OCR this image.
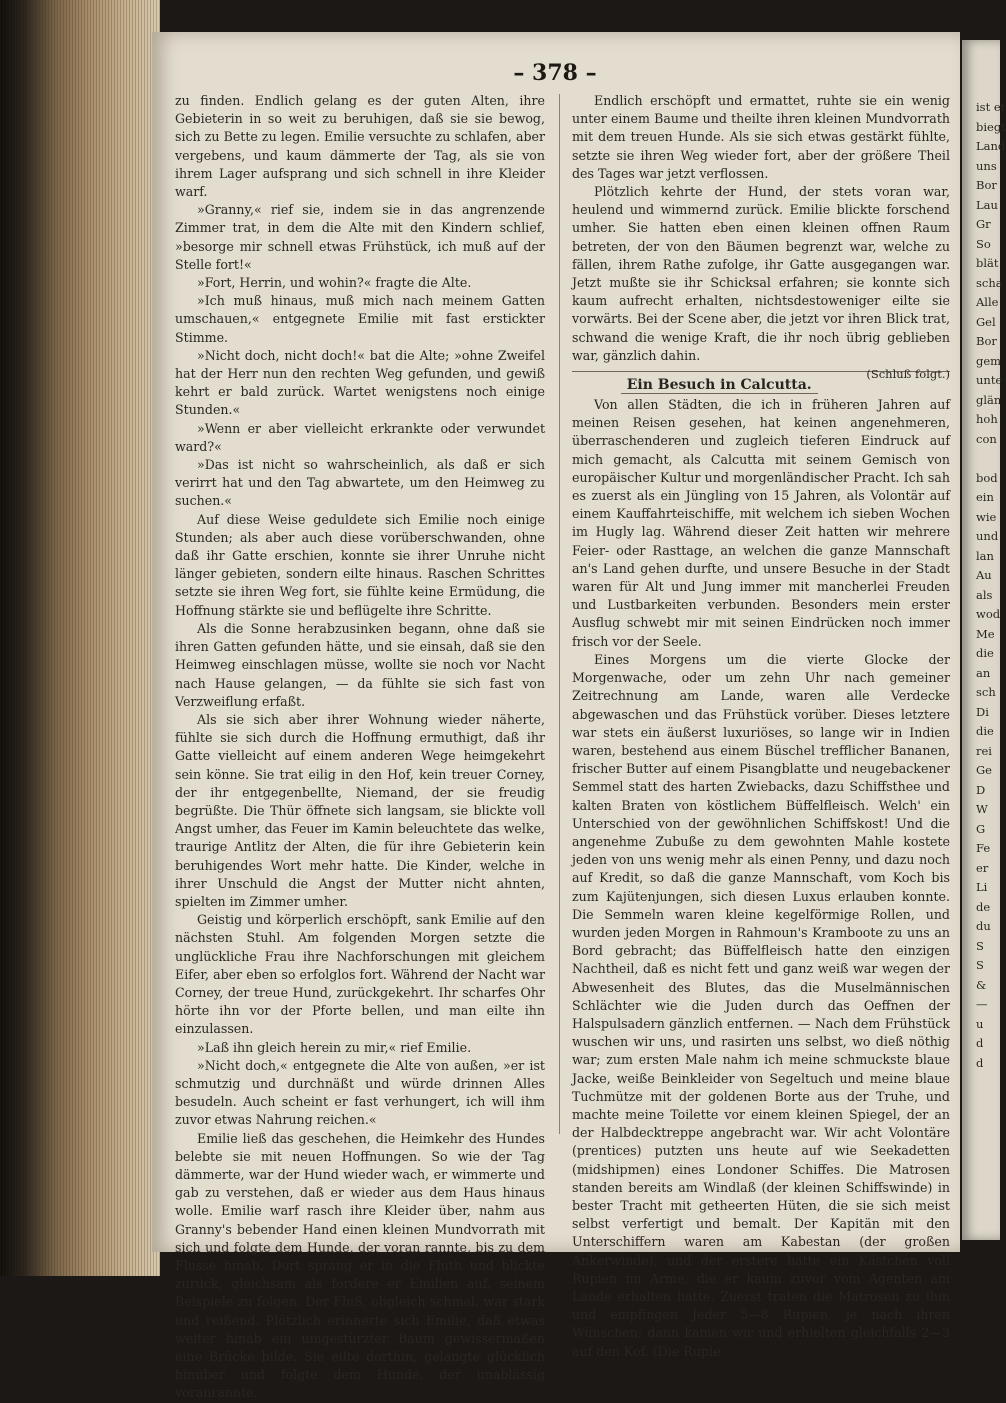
ist et
biegt
Land
uns
Bor
Lau
Gr
So
blät
scha
Alle
Gel
Bor
gem
unte
glän
hoh
con

bod
ein
wie
und
lan
Au
als
wod
Me
die
an
sch
Di
die
rei
Ge
D
W
G
Fe
er
Li
de
du
S
S
&
—
u
d
d
– 378 –

zu finden. Endlich gelang es der guten Alten, ihre Gebieterin in so weit zu beruhigen, daß sie sie bewog, sich zu Bette zu legen. Emilie versuchte zu schlafen, aber vergebens, und kaum dämmerte der Tag, als sie von ihrem Lager aufsprang und sich schnell in ihre Kleider warf.

»Granny,« rief sie, indem sie in das angrenzende Zimmer trat, in dem die Alte mit den Kindern schlief, »besorge mir schnell etwas Frühstück, ich muß auf der Stelle fort!«

»Fort, Herrin, und wohin?« fragte die Alte.

»Ich muß hinaus, muß mich nach meinem Gatten umschauen,« entgegnete Emilie mit fast erstickter Stimme.

»Nicht doch, nicht doch!« bat die Alte; »ohne Zweifel hat der Herr nun den rechten Weg gefunden, und gewiß kehrt er bald zurück. Wartet wenigstens noch einige Stunden.«

»Wenn er aber vielleicht erkrankte oder verwundet ward?«

»Das ist nicht so wahrscheinlich, als daß er sich verirrt hat und den Tag abwartete, um den Heimweg zu suchen.«

Auf diese Weise geduldete sich Emilie noch einige Stunden; als aber auch diese vorüberschwanden, ohne daß ihr Gatte erschien, konnte sie ihrer Unruhe nicht länger gebieten, sondern eilte hinaus. Raschen Schrittes setzte sie ihren Weg fort, sie fühlte keine Ermüdung, die Hoffnung stärkte sie und beflügelte ihre Schritte.

Als die Sonne herabzusinken begann, ohne daß sie ihren Gatten gefunden hätte, und sie einsah, daß sie den Heimweg einschlagen müsse, wollte sie noch vor Nacht nach Hause gelangen, — da fühlte sie sich fast von Verzweiflung erfaßt.

Als sie sich aber ihrer Wohnung wieder näherte, fühlte sie sich durch die Hoffnung ermuthigt, daß ihr Gatte vielleicht auf einem anderen Wege heimgekehrt sein könne. Sie trat eilig in den Hof, kein treuer Corney, der ihr entgegenbellte, Niemand, der sie freudig begrüßte. Die Thür öffnete sich langsam, sie blickte voll Angst umher, das Feuer im Kamin beleuchtete das welke, traurige Antlitz der Alten, die für ihre Gebieterin kein beruhigendes Wort mehr hatte. Die Kinder, welche in ihrer Unschuld die Angst der Mutter nicht ahnten, spielten im Zimmer umher.

Geistig und körperlich erschöpft, sank Emilie auf den nächsten Stuhl. Am folgenden Morgen setzte die unglückliche Frau ihre Nachforschungen mit gleichem Eifer, aber eben so erfolglos fort. Während der Nacht war Corney, der treue Hund, zurückgekehrt. Ihr scharfes Ohr hörte ihn vor der Pforte bellen, und man eilte ihn einzulassen.

»Laß ihn gleich herein zu mir,« rief Emilie.

»Nicht doch,« entgegnete die Alte von außen, »er ist schmutzig und durchnäßt und würde drinnen Alles besudeln. Auch scheint er fast verhungert, ich will ihm zuvor etwas Nahrung reichen.«

Emilie ließ das geschehen, die Heimkehr des Hundes belebte sie mit neuen Hoffnungen. So wie der Tag dämmerte, war der Hund wieder wach, er wimmerte und gab zu verstehen, daß er wieder aus dem Haus hinaus wolle. Emilie warf rasch ihre Kleider über, nahm aus Granny's bebender Hand einen kleinen Mundvorrath mit sich und folgte dem Hunde, der voran rannte, bis zu dem Flusse hinab. Dort sprang er in die Fluth und blickte zurück, gleichsam als fordere er Emilien auf, seinem Beispiele zu folgen. Der Fluß, obgleich schmal, war stark und reißend. Plötzlich erinnerte sich Emilie, daß etwas weiter hinab ein umgestürzter Baum gewissermaßen eine Brücke bilde. Sie eilte dorthin, gelangte glücklich hinüber und folgte dem Hunde, der unablässig voranrannte.

Endlich erschöpft und ermattet, ruhte sie ein wenig unter einem Baume und theilte ihren kleinen Mundvorrath mit dem treuen Hunde. Als sie sich etwas gestärkt fühlte, setzte sie ihren Weg wieder fort, aber der größere Theil des Tages war jetzt verflossen.

Plötzlich kehrte der Hund, der stets voran war, heulend und wimmernd zurück. Emilie blickte forschend umher. Sie hatten eben einen kleinen offnen Raum betreten, der von den Bäumen begrenzt war, welche zu fällen, ihrem Rathe zufolge, ihr Gatte ausgegangen war. Jetzt mußte sie ihr Schicksal erfahren; sie konnte sich kaum aufrecht erhalten, nichtsdestoweniger eilte sie vorwärts. Bei der Scene aber, die jetzt vor ihren Blick trat, schwand die wenige Kraft, die ihr noch übrig geblieben war, gänzlich dahin.

(Schluß folgt.)
Ein Besuch in Calcutta.

Von allen Städten, die ich in früheren Jahren auf meinen Reisen gesehen, hat keinen angenehmeren, überraschenderen und zugleich tieferen Eindruck auf mich gemacht, als Calcutta mit seinem Gemisch von europäischer Kultur und morgenländischer Pracht. Ich sah es zuerst als ein Jüngling von 15 Jahren, als Volontär auf einem Kauffahrteischiffe, mit welchem ich sieben Wochen im Hugly lag. Während dieser Zeit hatten wir mehrere Feier- oder Rasttage, an welchen die ganze Mannschaft an's Land gehen durfte, und unsere Besuche in der Stadt waren für Alt und Jung immer mit mancherlei Freuden und Lustbarkeiten verbunden. Besonders mein erster Ausflug schwebt mir mit seinen Eindrücken noch immer frisch vor der Seele.

Eines Morgens um die vierte Glocke der Morgenwache, oder um zehn Uhr nach gemeiner Zeitrechnung am Lande, waren alle Verdecke abgewaschen und das Frühstück vorüber. Dieses letztere war stets ein äußerst luxuriöses, so lange wir in Indien waren, bestehend aus einem Büschel trefflicher Bananen, frischer Butter auf einem Pisangblatte und neugebackener Semmel statt des harten Zwiebacks, dazu Schiffsthee und kalten Braten von köstlichem Büffelfleisch. Welch' ein Unterschied von der gewöhnlichen Schiffskost! Und die angenehme Zubuße zu dem gewohnten Mahle kostete jeden von uns wenig mehr als einen Penny, und dazu noch auf Kredit, so daß die ganze Mannschaft, vom Koch bis zum Kajütenjungen, sich diesen Luxus erlauben konnte. Die Semmeln waren kleine kegelförmige Rollen, und wurden jeden Morgen in Rahmoun's Kramboote zu uns an Bord gebracht; das Büffelfleisch hatte den einzigen Nachtheil, daß es nicht fett und ganz weiß war wegen der Abwesenheit des Blutes, das die Muselmännischen Schlächter wie die Juden durch das Oeffnen der Halspulsadern gänzlich entfernen. — Nach dem Frühstück wuschen wir uns, und rasirten uns selbst, wo dieß nöthig war; zum ersten Male nahm ich meine schmuckste blaue Jacke, weiße Beinkleider von Segeltuch und meine blaue Tuchmütze mit der goldenen Borte aus der Truhe, und machte meine Toilette vor einem kleinen Spiegel, der an der Halbdecktreppe angebracht war. Wir acht Volontäre (prentices) putzten uns heute auf wie Seekadetten (midshipmen) eines Londoner Schiffes. Die Matrosen standen bereits am Windlaß (der kleinen Schiffswinde) in bester Tracht mit getheerten Hüten, die sie sich meist selbst verfertigt und bemalt. Der Kapitän mit den Unterschiffern waren am Kabestan (der großen Ankerwinde), und der erstere hatte ein Kästchen voll Rupien im Arme, die er kaum zuvor vom Agenten am Lande erhalten hatte. Zuerst traten die Matrosen zu ihm und empfingen Jeder 5—8 Rupien, je nach ihren Wünschen; dann kamen wir und erhielten gleichfalls 2—3 auf den Kof. (Die Rupie
